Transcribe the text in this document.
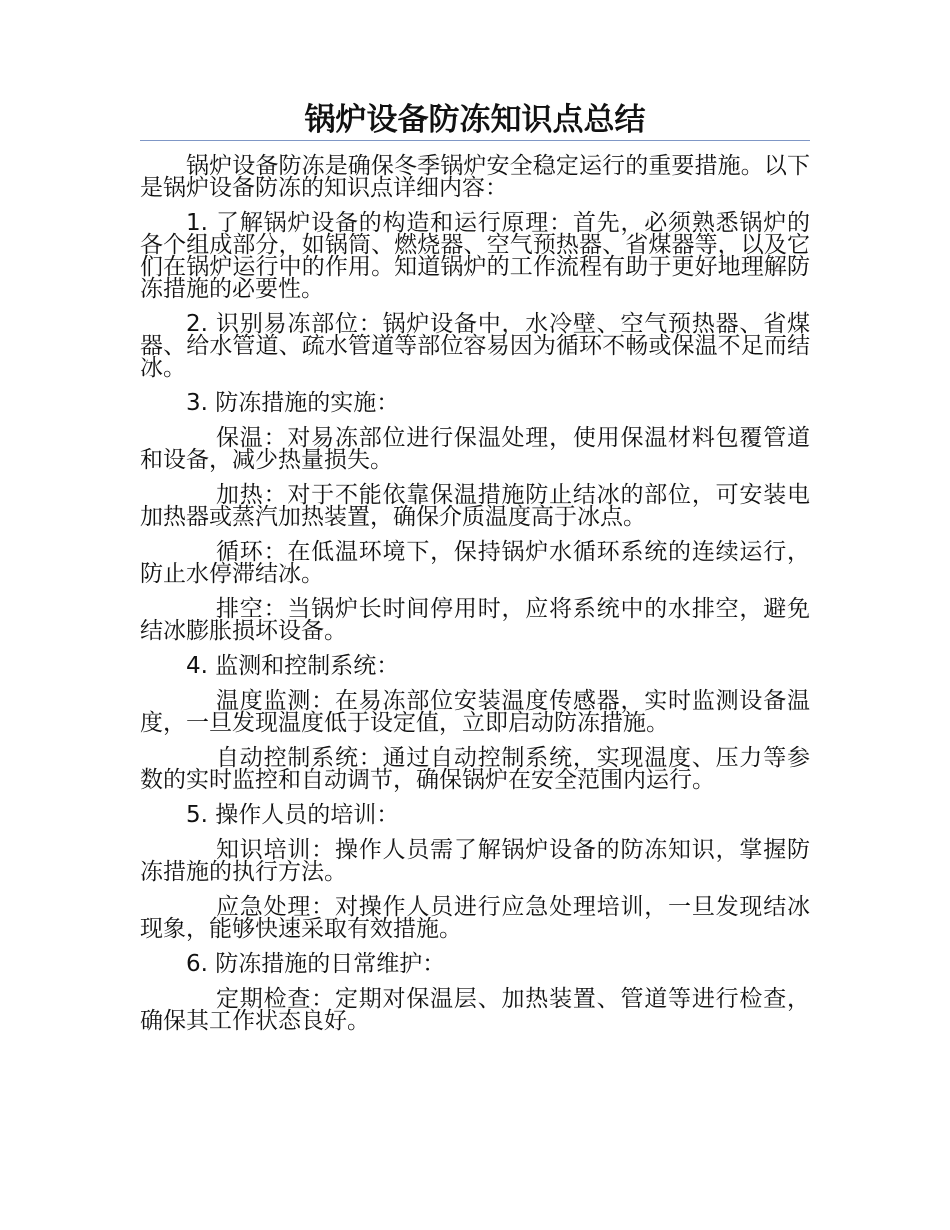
锅炉设备防冻知识点总结

锅炉设备防冻是确保冬季锅炉安全稳定运行的重要措施。以下是锅炉设备防冻的知识点详细内容：

1. 了解锅炉设备的构造和运行原理：首先，必须熟悉锅炉的各个组成部分，如锅筒、燃烧器、空气预热器、省煤器等，以及它们在锅炉运行中的作用。知道锅炉的工作流程有助于更好地理解防冻措施的必要性。

2. 识别易冻部位：锅炉设备中，水冷壁、空气预热器、省煤器、给水管道、疏水管道等部位容易因为循环不畅或保温不足而结冰。

3. 防冻措施的实施：

保温：对易冻部位进行保温处理，使用保温材料包覆管道和设备，减少热量损失。

加热：对于不能依靠保温措施防止结冰的部位，可安装电加热器或蒸汽加热装置，确保介质温度高于冰点。

循环：在低温环境下，保持锅炉水循环系统的连续运行，防止水停滞结冰。

排空：当锅炉长时间停用时，应将系统中的水排空，避免结冰膨胀损坏设备。

4. 监测和控制系统：

温度监测：在易冻部位安装温度传感器，实时监测设备温度，一旦发现温度低于设定值，立即启动防冻措施。

自动控制系统：通过自动控制系统，实现温度、压力等参数的实时监控和自动调节，确保锅炉在安全范围内运行。

5. 操作人员的培训：

知识培训：操作人员需了解锅炉设备的防冻知识，掌握防冻措施的执行方法。

应急处理：对操作人员进行应急处理培训，一旦发现结冰现象，能够快速采取有效措施。

6. 防冻措施的日常维护：

定期检查：定期对保温层、加热装置、管道等进行检查，确保其工作状态良好。
